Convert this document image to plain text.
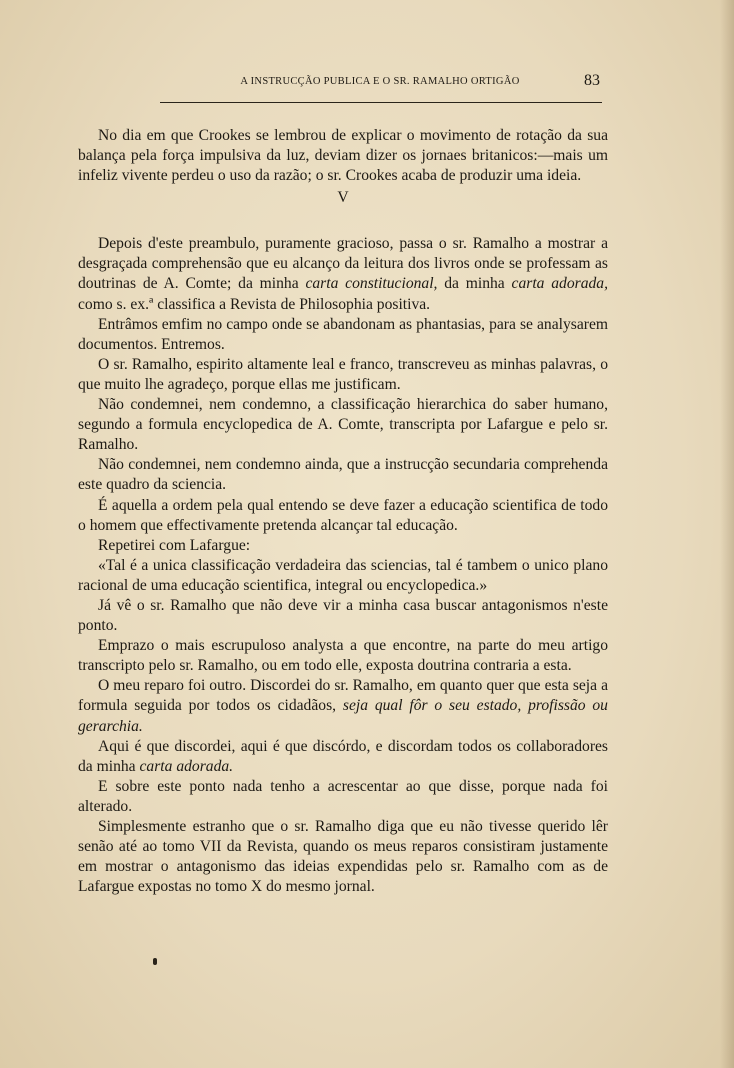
A INSTRUCÇÃO PUBLICA E O SR. RAMALHO ORTIGÃO	83

No dia em que Crookes se lembrou de explicar o movimento de rotação da sua balança pela força impulsiva da luz, deviam dizer os jornaes britanicos:—mais um infeliz vivente perdeu o uso da razão; o sr. Crookes acaba de produzir uma ideia.

V

Depois d'este preambulo, puramente gracioso, passa o sr. Ramalho a mostrar a desgraçada comprehensão que eu alcanço da leitura dos livros onde se professam as doutrinas de A. Comte; da minha carta constitucional, da minha carta adorada, como s. ex.ª classifica a Revista de Philosophia positiva.

Entrâmos emfim no campo onde se abandonam as phantasias, para se analysarem documentos. Entremos.

O sr. Ramalho, espirito altamente leal e franco, transcreveu as minhas palavras, o que muito lhe agradeço, porque ellas me justificam.

Não condemnei, nem condemno, a classificação hierarchica do saber humano, segundo a formula encyclopedica de A. Comte, transcripta por Lafargue e pelo sr. Ramalho.

Não condemnei, nem condemno ainda, que a instrucção secundaria comprehenda este quadro da sciencia.

É aquella a ordem pela qual entendo se deve fazer a educação scientifica de todo o homem que effectivamente pretenda alcançar tal educação.

Repetirei com Lafargue:

«Tal é a unica classificação verdadeira das sciencias, tal é tambem o unico plano racional de uma educação scientifica, integral ou encyclopedica.»

Já vê o sr. Ramalho que não deve vir a minha casa buscar antagonismos n'este ponto.

Emprazo o mais escrupuloso analysta a que encontre, na parte do meu artigo transcripto pelo sr. Ramalho, ou em todo elle, exposta doutrina contraria a esta.

O meu reparo foi outro. Discordei do sr. Ramalho, em quanto quer que esta seja a formula seguida por todos os cidadãos, seja qual fôr o seu estado, profissão ou gerarchia.

Aqui é que discordei, aqui é que discórdo, e discordam todos os collaboradores da minha carta adorada.

E sobre este ponto nada tenho a acrescentar ao que disse, porque nada foi alterado.

Simplesmente estranho que o sr. Ramalho diga que eu não tivesse querido lêr senão até ao tomo VII da Revista, quando os meus reparos consistiram justamente em mostrar o antagonismo das ideias expendidas pelo sr. Ramalho com as de Lafargue expostas no tomo X do mesmo jornal.
